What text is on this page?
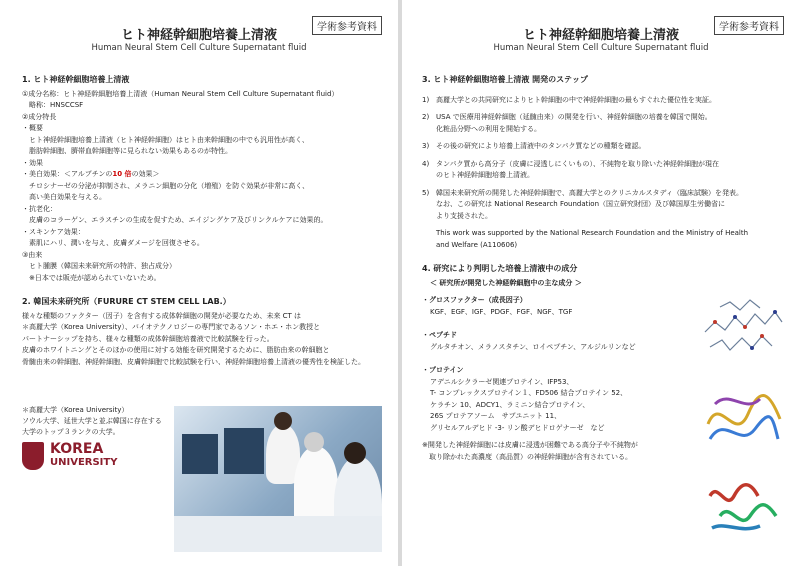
学術参考資料
ヒト神経幹細胞培養上清液
Human Neural Stem Cell Culture Supernatant fluid

1. ヒト神経幹細胞培養上清液

①成分名称：ヒト神経幹細胞培養上清液（Human Neural Stem Cell Culture Supernatant fluid）

　略称：HNSCCSF

②成分特長

・概要

　ヒト神経幹細胞培養上清液（ヒト神経幹細胞）はヒト由来幹細胞の中でも汎用性が高く、

　脂肪幹細胞、臍帯血幹細胞等に見られない効果もあるのが特性。

・効果

・美白効果：＜アルブチンの10 倍の効果＞

　チロシナーゼの分泌が抑制され、メラニン細胞の分化（増殖）を防ぐ効果が非常に高く、

　高い美白効果を与える。

・抗老化：

　皮膚のコラーゲン、エラスチンの生成を促すため、エイジングケア及びリンクルケアに効果的。

・スキンケア効果：

　素肌にハリ、潤いを与え、皮膚ダメージを回復させる。

③由来

　ヒト腫膜（韓国未来研究所の特許、独占成分）

　※日本では販売が認められていないため。

2. 韓国未来研究所（FURURE CT STEM CELL LAB.）

様々な種類のファクター（因子）を含有する成体幹細胞の開発が必要なため、未来 CT は

＊高麗大学（Korea University）、バイオテクノロジーの専門家であるソン・ホエ・ホン教授と

パートナーシップを持ち、様々な種類の成体幹細胞培養液で比較試験を行った。

皮膚のホワイトニングとそのほかの使用に対する効能を研究開発するために、脂肪由来の幹細胞と

骨髄由来の幹細胞、神経幹細胞、皮膚幹細胞で比較試験を行い、神経幹細胞培養上清液の優秀性を検証した。

＊高麗大学（Korea University）

ソウル大学、延世大学と並ぶ韓国に存在する

大学のトップ３ランクの大学。

KOREA
UNIVERSITY
学術参考資料
ヒト神経幹細胞培養上清液
Human Neural Stem Cell Culture Supernatant fluid

3. ヒト神経幹細胞培養上清液 開発のステップ

1) 高麗大学との共同研究によりヒト幹細胞の中で神経幹細胞の最もすぐれた優位性を実証。

2) USA で医療用神経幹細胞（延髄由来）の開発を行い、神経幹細胞の培養を韓国で開始。

化粧品分野への利用を開始する。

3) その後の研究により培養上清液中のタンパク質などの種類を確認。

4) タンパク質から高分子（皮膚に浸透しにくいもの）、不純物を取り除いた神経幹細胞が現在

のヒト神経幹細胞培養上清液。

5) 韓国未来研究所の開発した神経幹細胞で、高麗大学とのクリニカルスタディ（臨床試験）を発表。

なお、この研究は National Research Foundation（国立研究財団）及び韓国厚生労働省に

より支援された。

This work was supported by the National Research Foundation and the Ministry of Health

and Welfare (A110606)

4. 研究により判明した培養上清液中の成分

＜ 研究所が開発した神経幹細胞中の主な成分 ＞

・グロスファクター（成長因子）

KGF、EGF、IGF、PDGF、FGF、NGF、TGF

・ペプチド

グルタチオン、メラノスタチン、ロイペプチン、アルジルリンなど

・プロテイン

アデニルシクラーゼ関連プロテイン、IFP53、

T- コンプレックスプロテイン１、FD506 結合プロテイン 52、

ケラチン 10、ADCY1、ラミニン結合プロテイン、

26S プロテアソーム　サブユニット 11、

グリセルアルデヒド -3- リン酸デヒドロゲナーゼ　など

※開発した神経幹細胞には皮膚に浸透が困難である高分子や不純物が

　取り除かれた高濃度（高品質）の神経幹細胞が含有されている。
